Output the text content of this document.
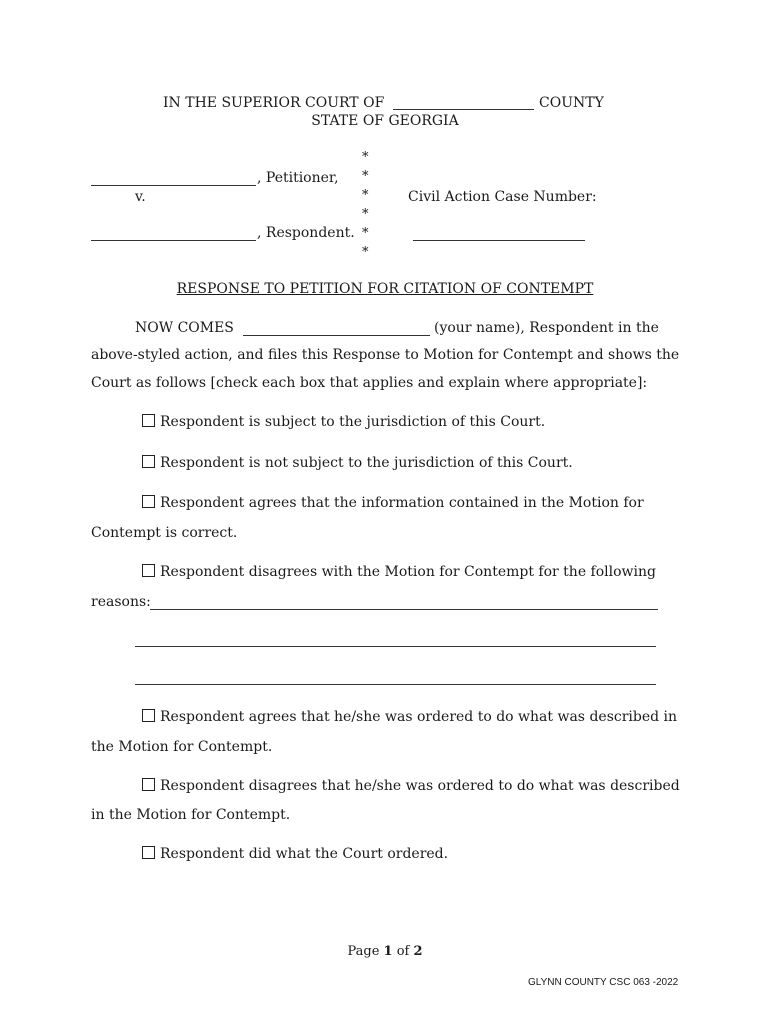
IN THE SUPERIOR COURT OF	COUNTY
STATE OF GEORGIA
*
*
*
*
*
*
, Petitioner,
v.
, Respondent.
Civil Action Case Number:
RESPONSE TO PETITION FOR CITATION OF CONTEMPT
NOW COMES	(your name), Respondent in the
above-styled action, and files this Response to Motion for Contempt and shows the
Court as follows [check each box that applies and explain where appropriate]:
Respondent is subject to the jurisdiction of this Court.
Respondent is not subject to the jurisdiction of this Court.
Respondent agrees that the information contained in the Motion for
Contempt is correct.
Respondent disagrees with the Motion for Contempt for the following
reasons:
Respondent agrees that he/she was ordered to do what was described in
the Motion for Contempt.
Respondent disagrees that he/she was ordered to do what was described
in the Motion for Contempt.
Respondent did what the Court ordered.
Page 1 of 2
GLYNN COUNTY CSC 063 -2022
